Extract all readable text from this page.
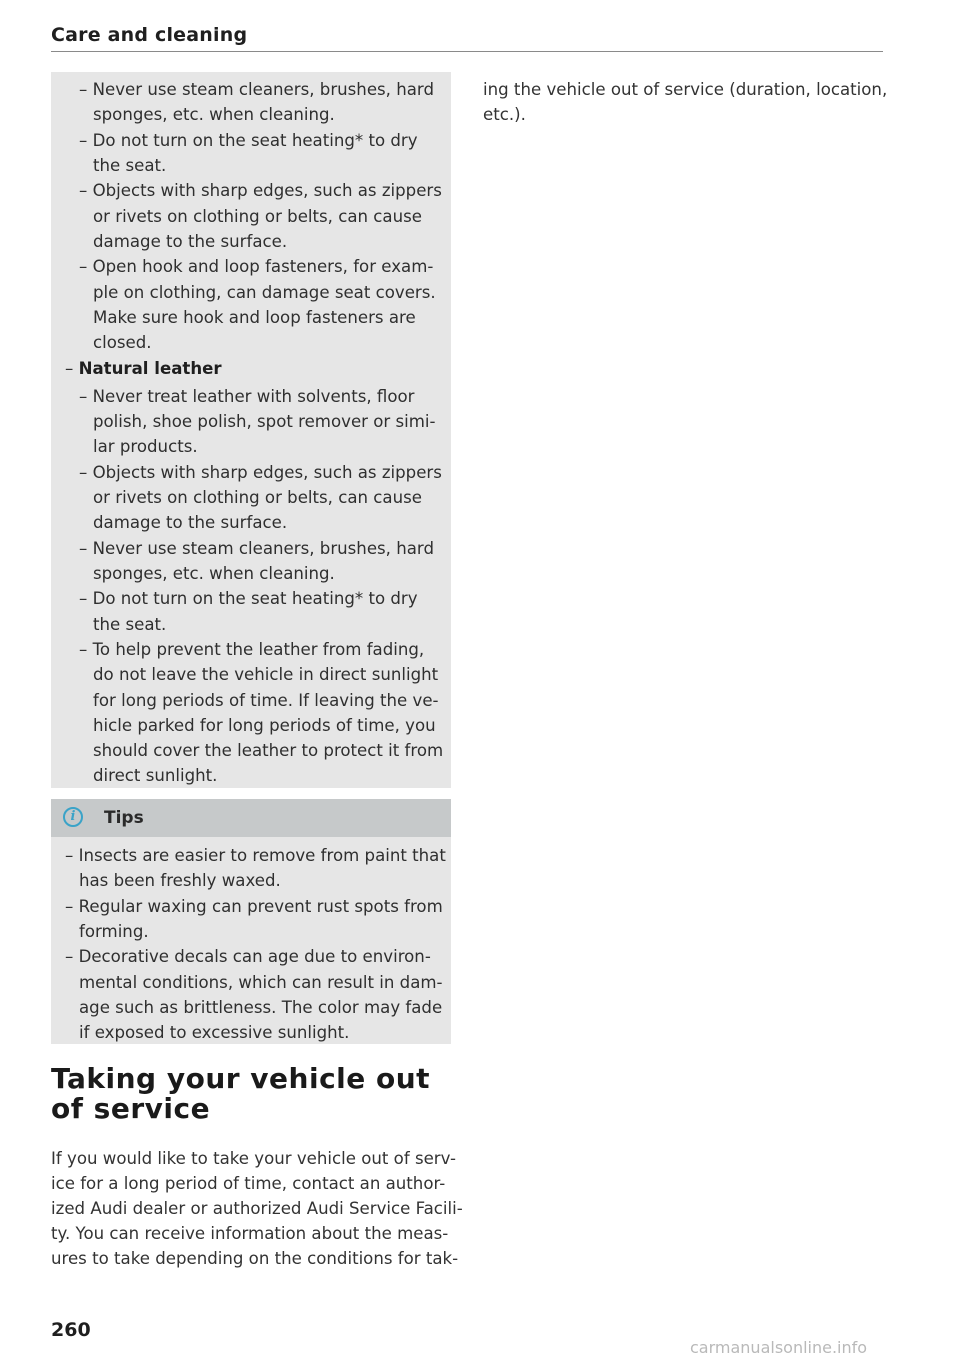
Care and cleaning
– Never use steam cleaners, brushes, hard
sponges, etc. when cleaning.
– Do not turn on the seat heating* to dry
the seat.
– Objects with sharp edges, such as zippers
or rivets on clothing or belts, can cause
damage to the surface.
– Open hook and loop fasteners, for exam-
ple on clothing, can damage seat covers.
Make sure hook and loop fasteners are
closed.
– Natural leather
– Never treat leather with solvents, floor
polish, shoe polish, spot remover or simi-
lar products.
– Objects with sharp edges, such as zippers
or rivets on clothing or belts, can cause
damage to the surface.
– Never use steam cleaners, brushes, hard
sponges, etc. when cleaning.
– Do not turn on the seat heating* to dry
the seat.
– To help prevent the leather from fading,
do not leave the vehicle in direct sunlight
for long periods of time. If leaving the ve-
hicle parked for long periods of time, you
should cover the leather to protect it from
direct sunlight.
i	Tips
– Insects are easier to remove from paint that
has been freshly waxed.
– Regular waxing can prevent rust spots from
forming.
– Decorative decals can age due to environ-
mental conditions, which can result in dam-
age such as brittleness. The color may fade
if exposed to excessive sunlight.
Taking your vehicle out
of service
If you would like to take your vehicle out of serv-
ice for a long period of time, contact an author-
ized Audi dealer or authorized Audi Service Facili-
ty. You can receive information about the meas-
ures to take depending on the conditions for tak-
ing the vehicle out of service (duration, location,
etc.).
260
carmanualsonline.info
